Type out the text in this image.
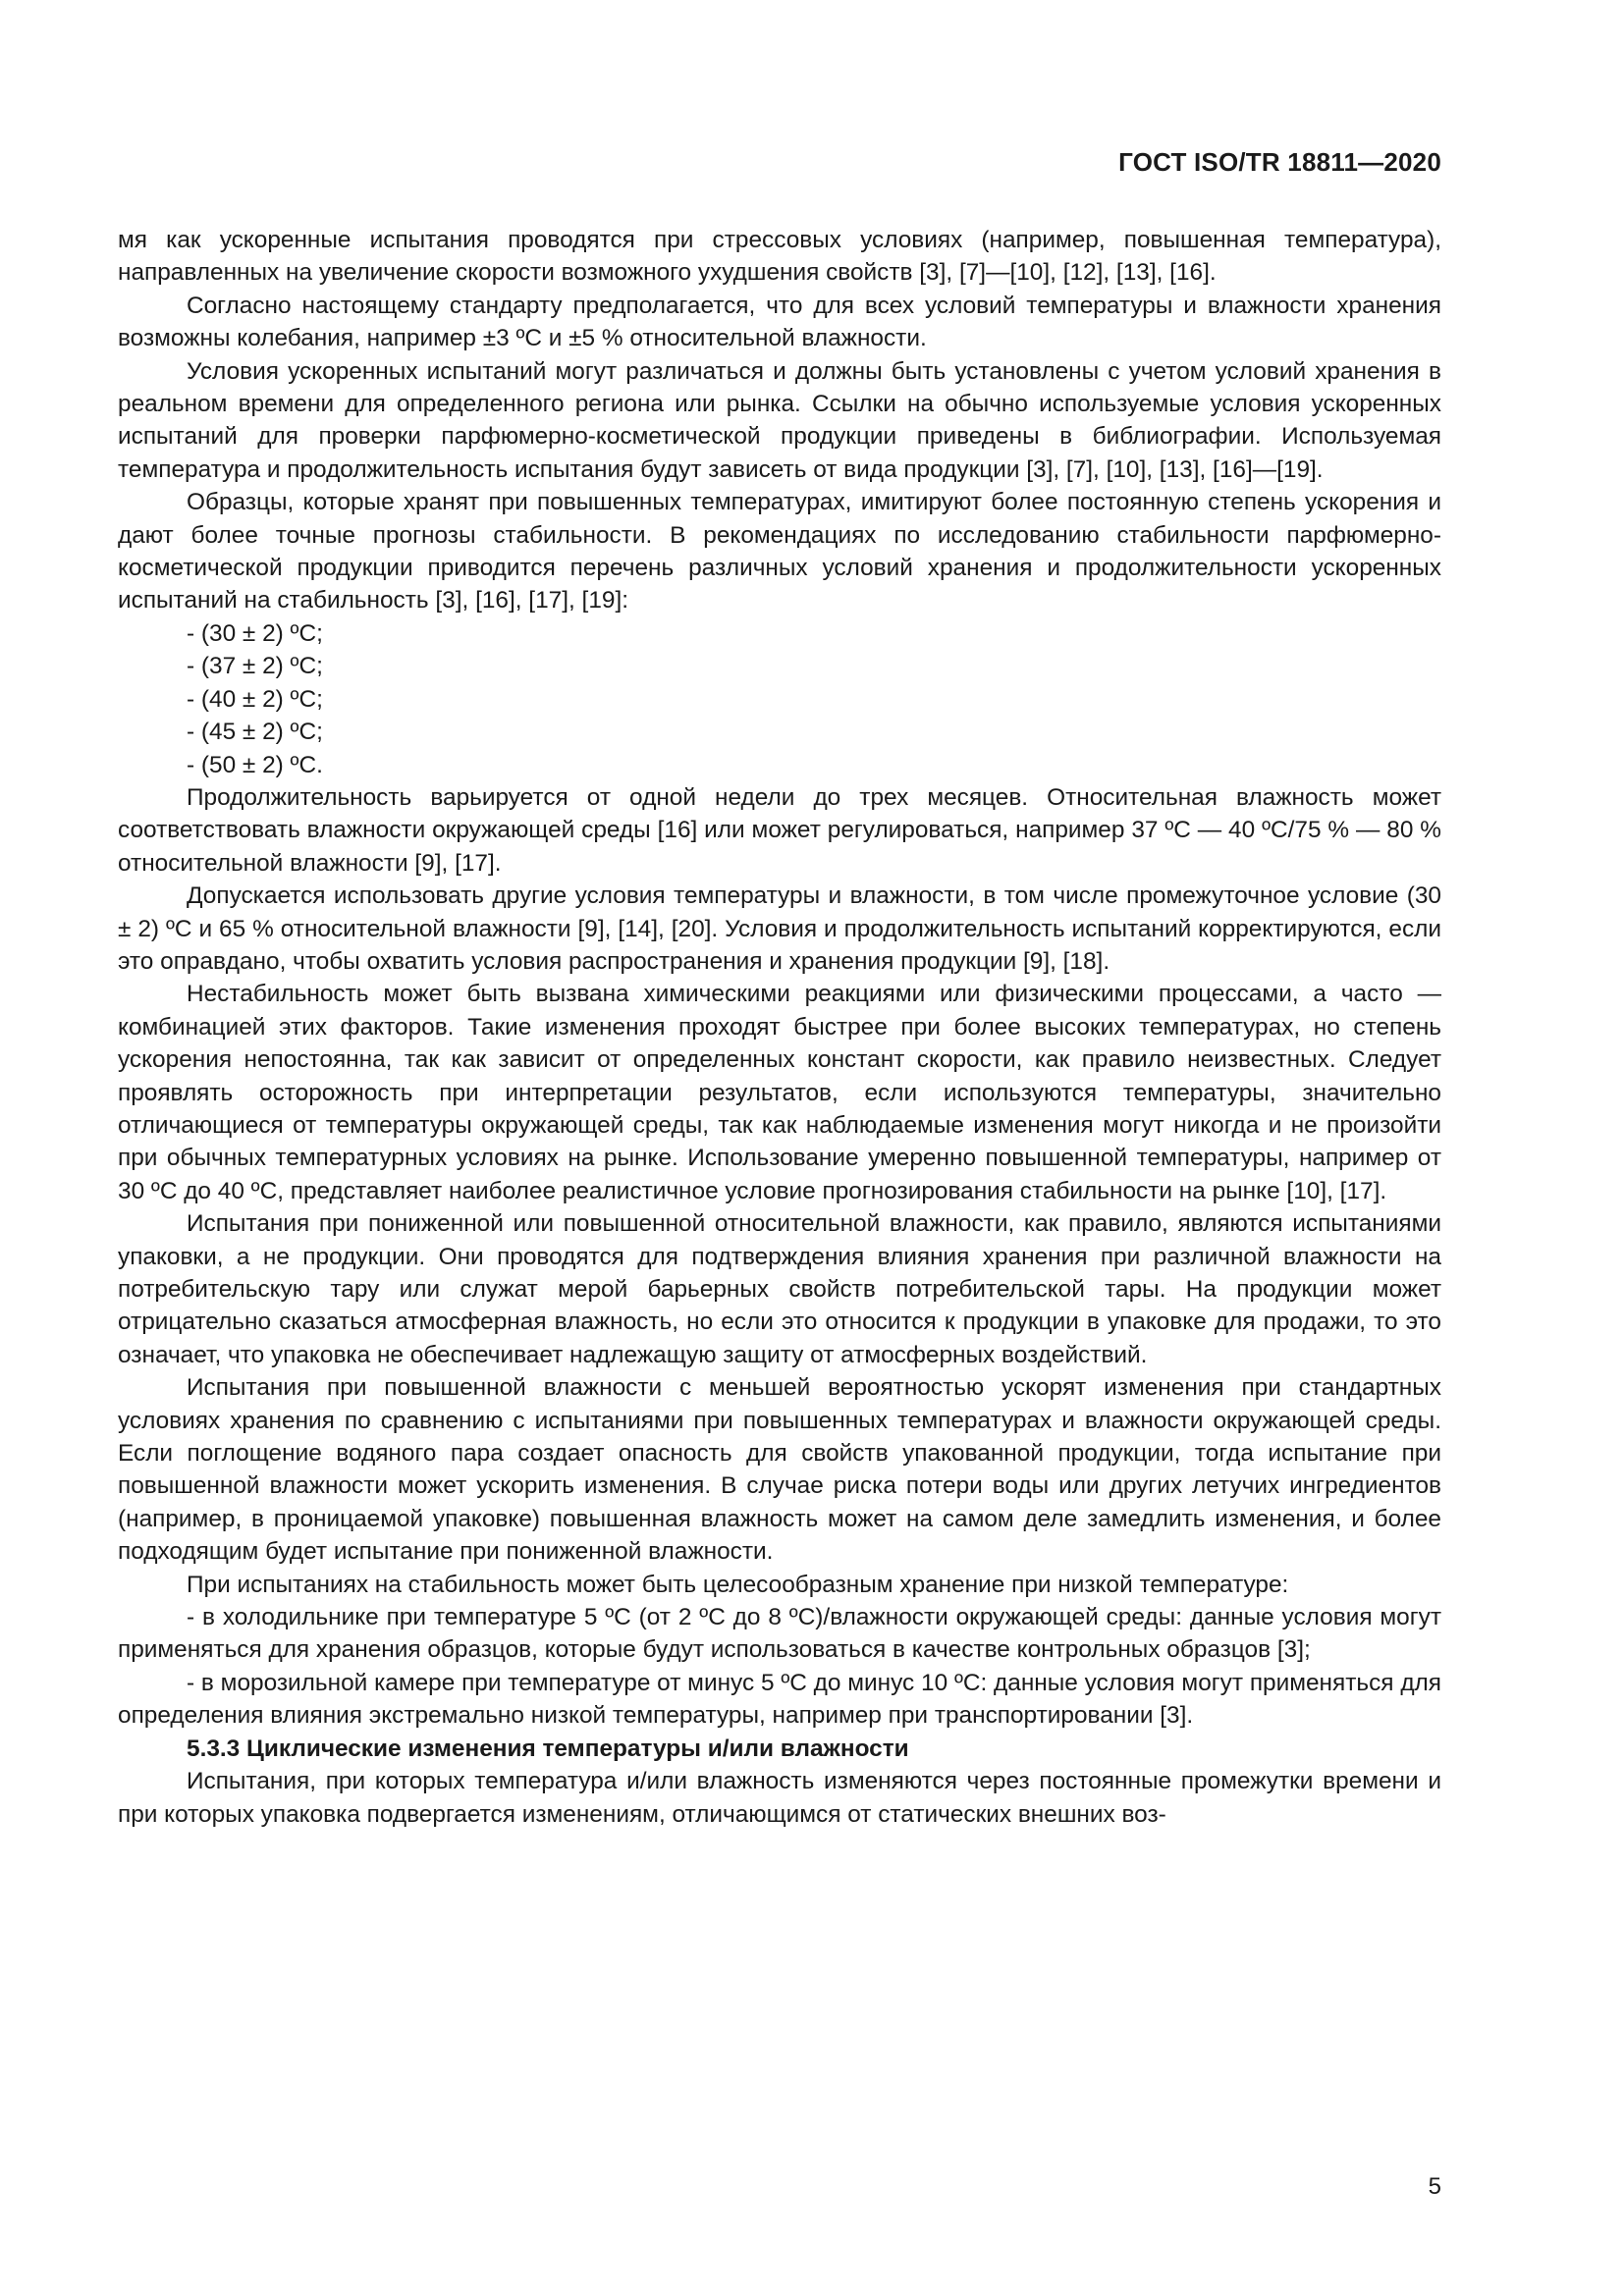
ГОСТ ISO/TR 18811—2020

мя как ускоренные испытания проводятся при стрессовых условиях (например, повышенная температура), направленных на увеличение скорости возможного ухудшения свойств [3], [7]—[10], [12], [13], [16].

Согласно настоящему стандарту предполагается, что для всех условий температуры и влажности хранения возможны колебания, например ±3 ºС и ±5 % относительной влажности.

Условия ускоренных испытаний могут различаться и должны быть установлены с учетом условий хранения в реальном времени для определенного региона или рынка. Ссылки на обычно используемые условия ускоренных испытаний для проверки парфюмерно-косметической продукции приведены в библиографии. Используемая температура и продолжительность испытания будут зависеть от вида продукции [3], [7], [10], [13], [16]—[19].

Образцы, которые хранят при повышенных температурах, имитируют более постоянную степень ускорения и дают более точные прогнозы стабильности. В рекомендациях по исследованию стабильности парфюмерно-косметической продукции приводится перечень различных условий хранения и продолжительности ускоренных испытаний на стабильность [3], [16], [17], [19]:

- (30 ± 2) ºС;
- (37 ± 2) ºС;
- (40 ± 2) ºС;
- (45 ± 2) ºС;
- (50 ± 2) ºС.

Продолжительность варьируется от одной недели до трех месяцев. Относительная влажность может соответствовать влажности окружающей среды [16] или может регулироваться, например 37 ºС — 40 ºС/75 % — 80 % относительной влажности [9], [17].

Допускается использовать другие условия температуры и влажности, в том числе промежуточное условие (30 ± 2) ºС и 65 % относительной влажности [9], [14], [20]. Условия и продолжительность испытаний корректируются, если это оправдано, чтобы охватить условия распространения и хранения продукции [9], [18].

Нестабильность может быть вызвана химическими реакциями или физическими процессами, а часто — комбинацией этих факторов. Такие изменения проходят быстрее при более высоких температурах, но степень ускорения непостоянна, так как зависит от определенных констант скорости, как правило неизвестных. Следует проявлять осторожность при интерпретации результатов, если используются температуры, значительно отличающиеся от температуры окружающей среды, так как наблюдаемые изменения могут никогда и не произойти при обычных температурных условиях на рынке. Использование умеренно повышенной температуры, например от 30 ºС до 40 ºС, представляет наиболее реалистичное условие прогнозирования стабильности на рынке [10], [17].

Испытания при пониженной или повышенной относительной влажности, как правило, являются испытаниями упаковки, а не продукции. Они проводятся для подтверждения влияния хранения при различной влажности на потребительскую тару или служат мерой барьерных свойств потребительской тары. На продукции может отрицательно сказаться атмосферная влажность, но если это относится к продукции в упаковке для продажи, то это означает, что упаковка не обеспечивает надлежащую защиту от атмосферных воздействий.

Испытания при повышенной влажности с меньшей вероятностью ускорят изменения при стандартных условиях хранения по сравнению с испытаниями при повышенных температурах и влажности окружающей среды. Если поглощение водяного пара создает опасность для свойств упакованной продукции, тогда испытание при повышенной влажности может ускорить изменения. В случае риска потери воды или других летучих ингредиентов (например, в проницаемой упаковке) повышенная влажность может на самом деле замедлить изменения, и более подходящим будет испытание при пониженной влажности.

При испытаниях на стабильность может быть целесообразным хранение при низкой температуре:

- в холодильнике при температуре 5 ºС (от 2 ºС до 8 ºС)/влажности окружающей среды: данные условия могут применяться для хранения образцов, которые будут использоваться в качестве контрольных образцов [3];

- в морозильной камере при температуре от минус 5 ºС до минус 10 ºС: данные условия могут применяться для определения влияния экстремально низкой температуры, например при транспортировании [3].

5.3.3 Циклические изменения температуры и/или влажности

Испытания, при которых температура и/или влажность изменяются через постоянные промежутки времени и при которых упаковка подвергается изменениям, отличающимся от статических внешних воз-

5
